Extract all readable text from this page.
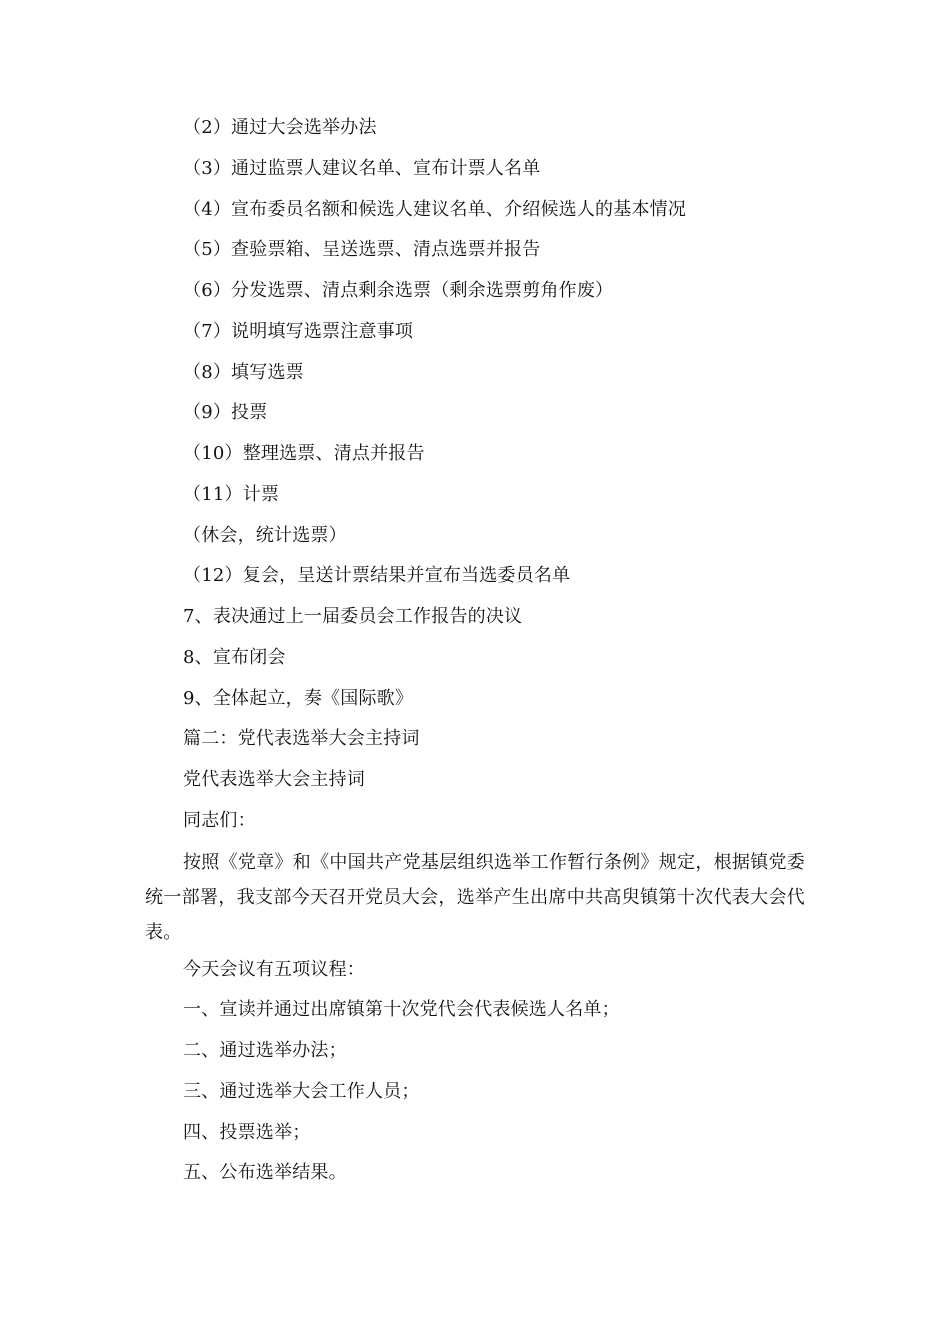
（2）通过大会选举办法
（3）通过监票人建议名单、宣布计票人名单
（4）宣布委员名额和候选人建议名单、介绍候选人的基本情况
（5）查验票箱、呈送选票、清点选票并报告
（6）分发选票、清点剩余选票（剩余选票剪角作废）
（7）说明填写选票注意事项
（8）填写选票
（9）投票
（10）整理选票、清点并报告
（11）计票
（休会，统计选票）
（12）复会，呈送计票结果并宣布当选委员名单
7、表决通过上一届委员会工作报告的决议
8、宣布闭会
9、全体起立，奏《国际歌》
篇二：党代表选举大会主持词
党代表选举大会主持词
同志们：
按照《党章》和《中国共产党基层组织选举工作暂行条例》规定，根据镇党委统一部署，我支部今天召开党员大会，选举产生出席中共高臾镇第十次代表大会代表。
今天会议有五项议程：
一、宣读并通过出席镇第十次党代会代表候选人名单；
二、通过选举办法；
三、通过选举大会工作人员；
四、投票选举；
五、公布选举结果。
